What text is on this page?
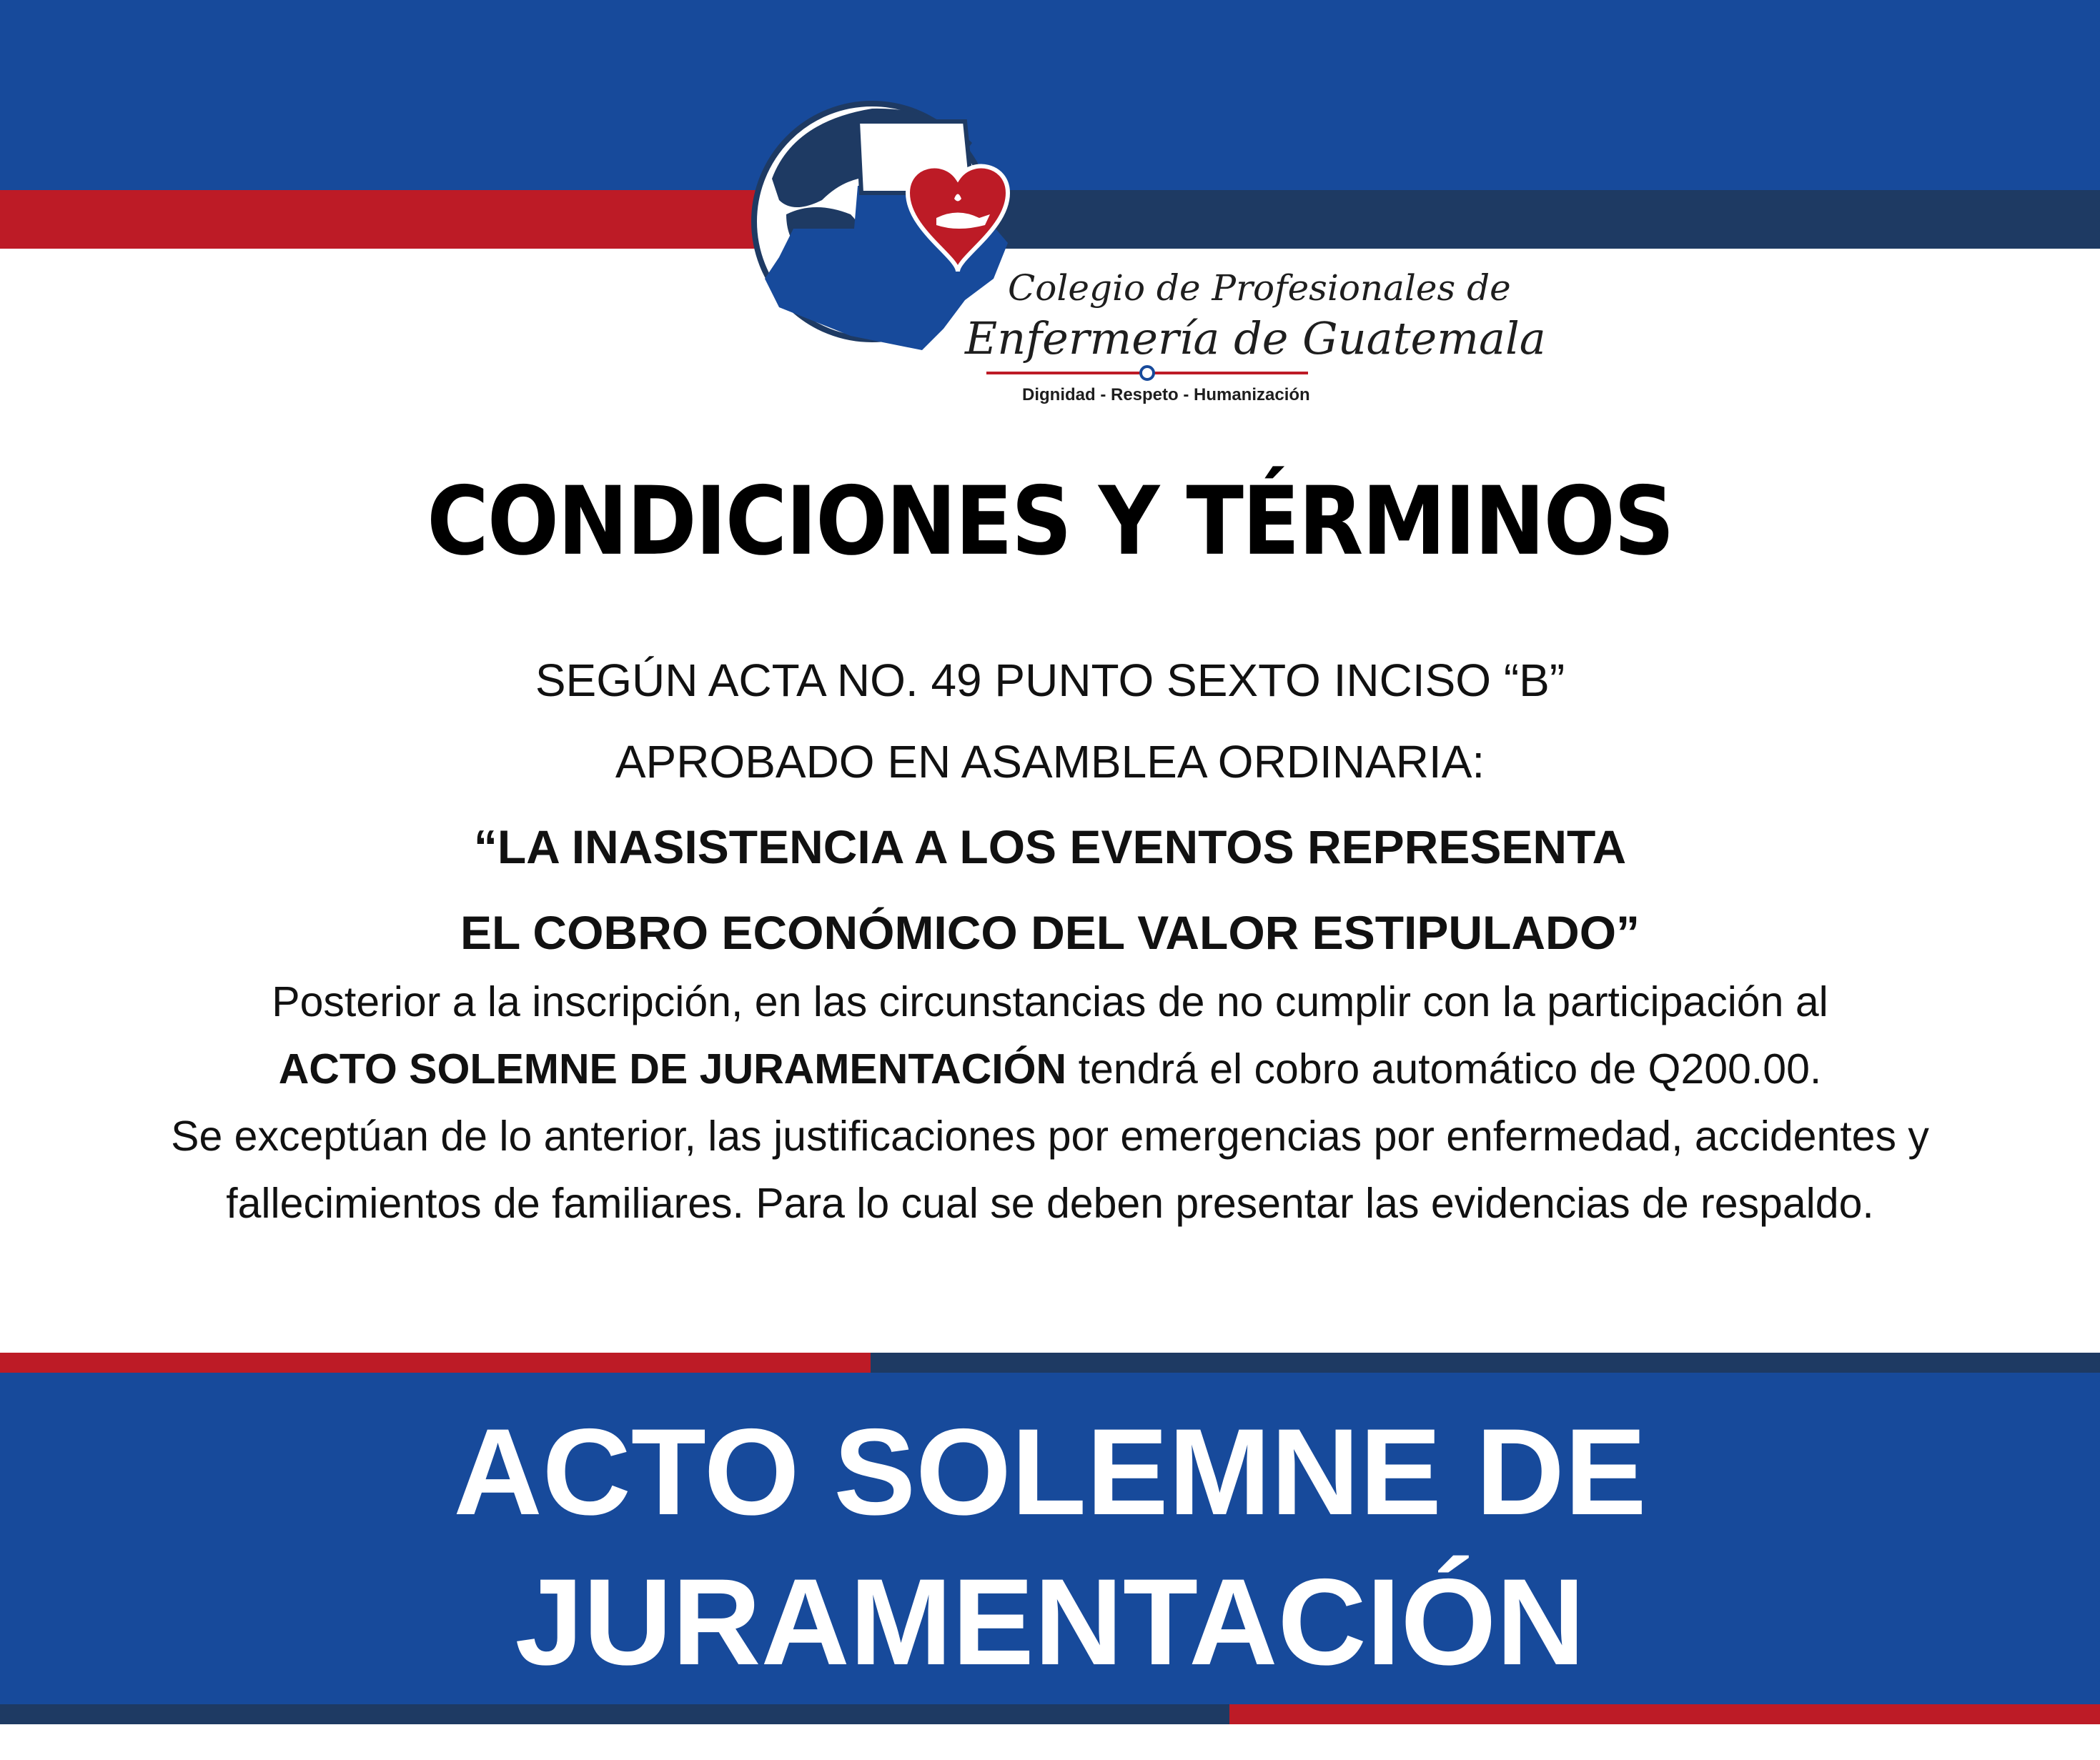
Colegio de Profesionales de
Enfermería de Guatemala
Dignidad - Respeto - Humanización
CONDICIONES Y TÉRMINOS
SEGÚN ACTA NO. 49 PUNTO SEXTO INCISO “B”
APROBADO EN ASAMBLEA ORDINARIA:
“LA INASISTENCIA A LOS EVENTOS REPRESENTA
EL COBRO ECONÓMICO DEL VALOR ESTIPULADO”
Posterior a la inscripción, en las circunstancias de no cumplir con la participación al
ACTO SOLEMNE DE JURAMENTACIÓN tendrá el cobro automático de Q200.00.
Se exceptúan de lo anterior, las justificaciones por emergencias por enfermedad, accidentes y fallecimientos de familiares. Para lo cual se deben presentar las evidencias de respaldo.
ACTO SOLEMNE DE
JURAMENTACIÓN
